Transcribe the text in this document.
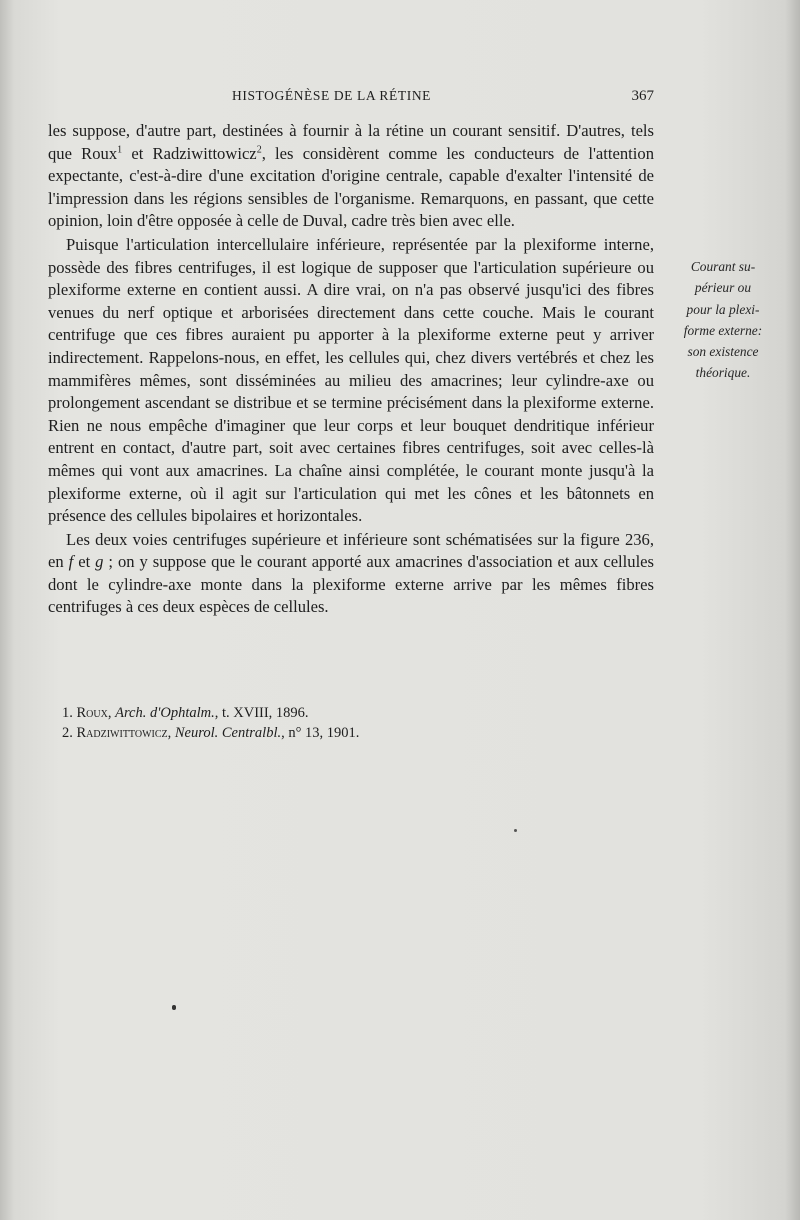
HISTOGÉNÈSE DE LA RÉTINE	367

les suppose, d'autre part, destinées à fournir à la rétine un courant sensitif. D'autres, tels que Roux$^1$ et Radziwittowicz$^2$, les considèrent comme les conducteurs de l'attention expectante, c'est-à-dire d'une excitation d'origine centrale, capable d'exalter l'intensité de l'impression dans les régions sensibles de l'organisme. Remarquons, en passant, que cette opinion, loin d'être opposée à celle de Duval, cadre très bien avec elle.

Puisque l'articulation intercellulaire inférieure, représentée par la plexiforme interne, possède des fibres centrifuges, il est logique de supposer que l'articulation supérieure ou plexiforme externe en contient aussi. A dire vrai, on n'a pas observé jusqu'ici des fibres venues du nerf optique et arborisées directement dans cette couche. Mais le courant centrifuge que ces fibres auraient pu apporter à la plexiforme externe peut y arriver indirectement. Rappelons-nous, en effet, les cellules qui, chez divers vertébrés et chez les mammifères mêmes, sont disséminées au milieu des amacrines; leur cylindre-axe ou prolongement ascendant se distribue et se termine précisément dans la plexiforme externe. Rien ne nous empêche d'imaginer que leur corps et leur bouquet dendritique inférieur entrent en contact, d'autre part, soit avec certaines fibres centrifuges, soit avec celles-là mêmes qui vont aux amacrines. La chaîne ainsi complétée, le courant monte jusqu'à la plexiforme externe, où il agit sur l'articulation qui met les cônes et les bâtonnets en présence des cellules bipolaires et horizontales.

Les deux voies centrifuges supérieure et inférieure sont schématisées sur la figure 236, en f et g ; on y suppose que le courant apporté aux amacrines d'association et aux cellules dont le cylindre-axe monte dans la plexiforme externe arrive par les mêmes fibres centrifuges à ces deux espèces de cellules.

Courant su-
périeur ou
pour la plexi-
forme externe:
son existence
théorique.

1. Roux, Arch. d'Ophtalm., t. XVIII, 1896.

2. Radziwittowicz, Neurol. Centralbl., n° 13, 1901.
